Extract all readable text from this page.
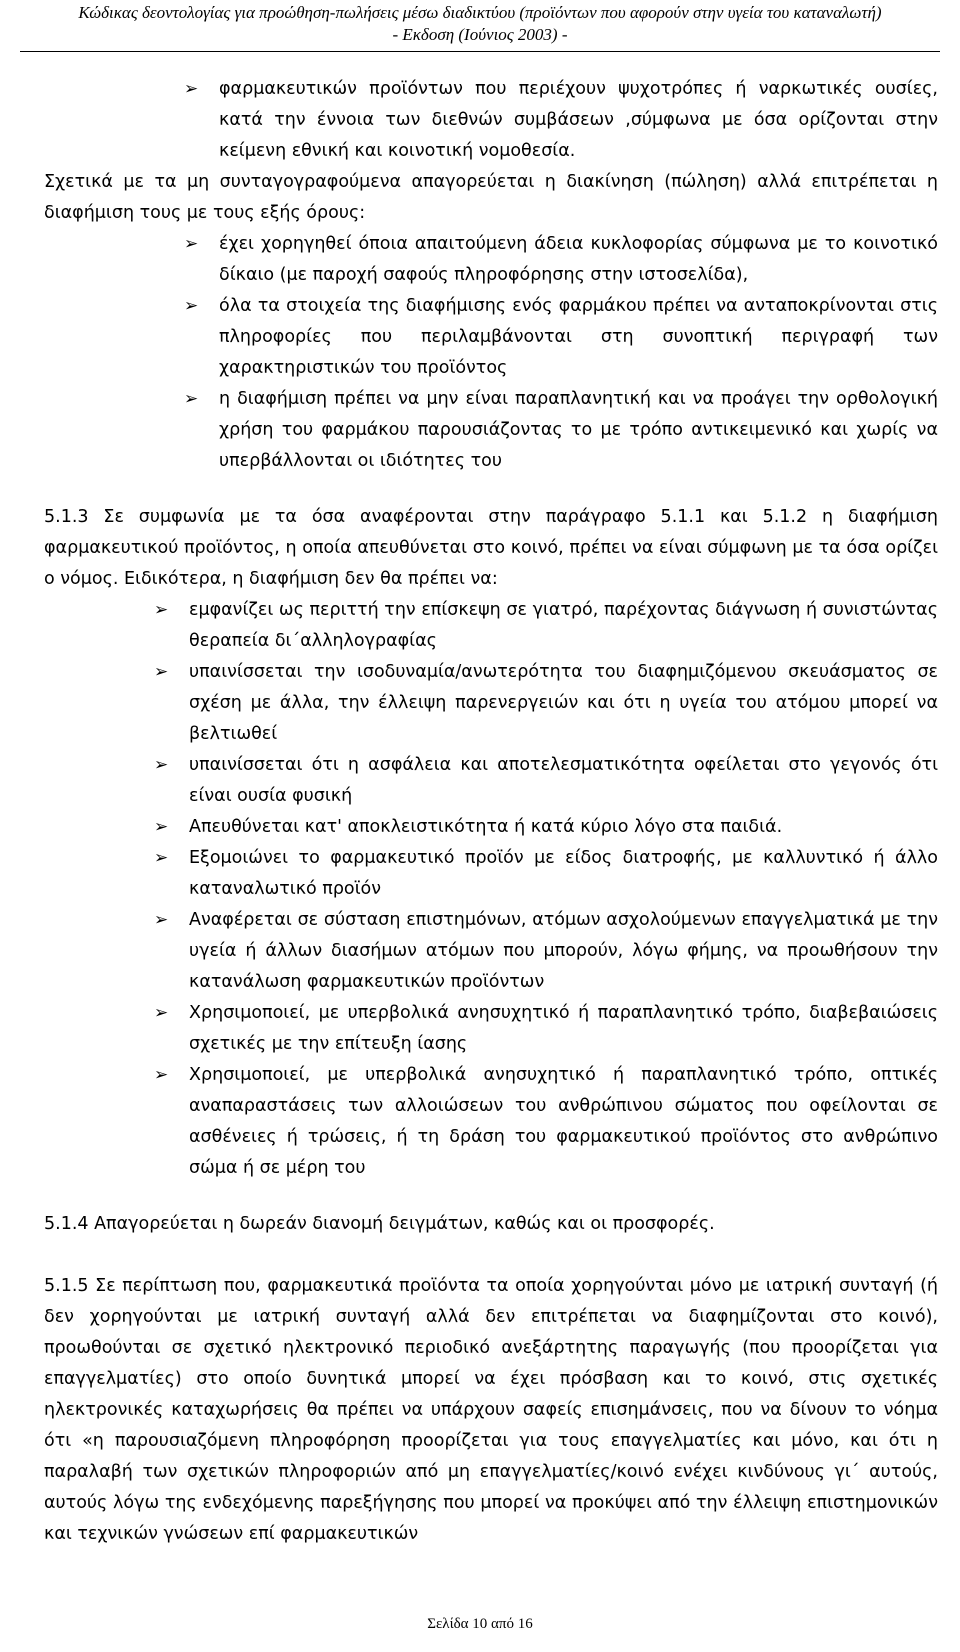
Κώδικας δεοντολογίας για προώθηση-πωλήσεις μέσω διαδικτύου (προϊόντων που αφορούν στην υγεία του καταναλωτή)
- Εκδοση (Ιούνιος 2003) -
➢ φαρμακευτικών προϊόντων που περιέχουν ψυχοτρόπες ή ναρκωτικές ουσίες, κατά την έννοια των διεθνών συμβάσεων ,σύμφωνα με όσα ορίζονται στην κείμενη εθνική και κοινοτική νομοθεσία.

Σχετικά με τα μη συνταγογραφούμενα απαγορεύεται η διακίνηση (πώληση) αλλά επιτρέπεται η διαφήμιση τους με τους εξής όρους:

➢ έχει χορηγηθεί όποια απαιτούμενη άδεια κυκλοφορίας σύμφωνα με το κοινοτικό δίκαιο (με παροχή σαφούς πληροφόρησης στην ιστοσελίδα),
➢ όλα τα στοιχεία της διαφήμισης ενός φαρμάκου πρέπει να ανταποκρίνονται στις πληροφορίες που περιλαμβάνονται στη συνοπτική περιγραφή των χαρακτηριστικών του προϊόντος
➢ η διαφήμιση πρέπει να μην είναι παραπλανητική και να προάγει την ορθολογική χρήση του φαρμάκου παρουσιάζοντας το με τρόπο αντικειμενικό και χωρίς να υπερβάλλονται οι ιδιότητες του

5.1.3 Σε συμφωνία με τα όσα αναφέρονται στην παράγραφο 5.1.1 και 5.1.2 η διαφήμιση φαρμακευτικού προϊόντος, η οποία απευθύνεται στο κοινό, πρέπει να είναι σύμφωνη με τα όσα ορίζει ο νόμος. Ειδικότερα, η διαφήμιση δεν θα πρέπει να:

➢ εμφανίζει ως περιττή την επίσκεψη σε γιατρό, παρέχοντας διάγνωση ή συνιστώντας θεραπεία δι΄αλληλογραφίας
➢ υπαινίσσεται την ισοδυναμία/ανωτερότητα του διαφημιζόμενου σκευάσματος σε σχέση με άλλα, την έλλειψη παρενεργειών και ότι η υγεία του ατόμου μπορεί να βελτιωθεί
➢ υπαινίσσεται ότι η ασφάλεια και αποτελεσματικότητα οφείλεται στο γεγονός ότι είναι ουσία φυσική
➢ Απευθύνεται κατ' αποκλειστικότητα ή κατά κύριο λόγο στα παιδιά.
➢ Εξομοιώνει το φαρμακευτικό προϊόν με είδος διατροφής, με καλλυντικό ή άλλο καταναλωτικό προϊόν
➢ Αναφέρεται σε σύσταση επιστημόνων, ατόμων ασχολούμενων επαγγελματικά με την υγεία ή άλλων διασήμων ατόμων που μπορούν, λόγω φήμης, να προωθήσουν την κατανάλωση φαρμακευτικών προϊόντων
➢ Χρησιμοποιεί, με υπερβολικά ανησυχητικό ή παραπλανητικό τρόπο, διαβεβαιώσεις σχετικές με την επίτευξη ίασης
➢ Χρησιμοποιεί, με υπερβολικά ανησυχητικό ή παραπλανητικό τρόπο, οπτικές αναπαραστάσεις των αλλοιώσεων του ανθρώπινου σώματος που οφείλονται σε ασθένειες ή τρώσεις, ή τη δράση του φαρμακευτικού προϊόντος στο ανθρώπινο σώμα ή σε μέρη του

5.1.4 Απαγορεύεται η δωρεάν διανομή δειγμάτων, καθώς και οι προσφορές.

5.1.5 Σε περίπτωση που, φαρμακευτικά προϊόντα τα οποία χορηγούνται μόνο με ιατρική συνταγή (ή δεν χορηγούνται με ιατρική συνταγή αλλά δεν επιτρέπεται να διαφημίζονται στο κοινό), προωθούνται σε σχετικό ηλεκτρονικό περιοδικό ανεξάρτητης παραγωγής (που προορίζεται για επαγγελματίες) στο οποίο δυνητικά μπορεί να έχει πρόσβαση και το κοινό, στις σχετικές ηλεκτρονικές καταχωρήσεις θα πρέπει να υπάρχουν σαφείς επισημάνσεις, που να δίνουν το νόημα ότι «η παρουσιαζόμενη πληροφόρηση προορίζεται για τους επαγγελματίες και μόνο, και ότι η παραλαβή των σχετικών πληροφοριών από μη επαγγελματίες/κοινό ενέχει κινδύνους γι΄ αυτούς, αυτούς λόγω της ενδεχόμενης παρεξήγησης που μπορεί να προκύψει από την έλλειψη επιστημονικών και τεχνικών γνώσεων επί φαρμακευτικών

Σελίδα 10 από 16
